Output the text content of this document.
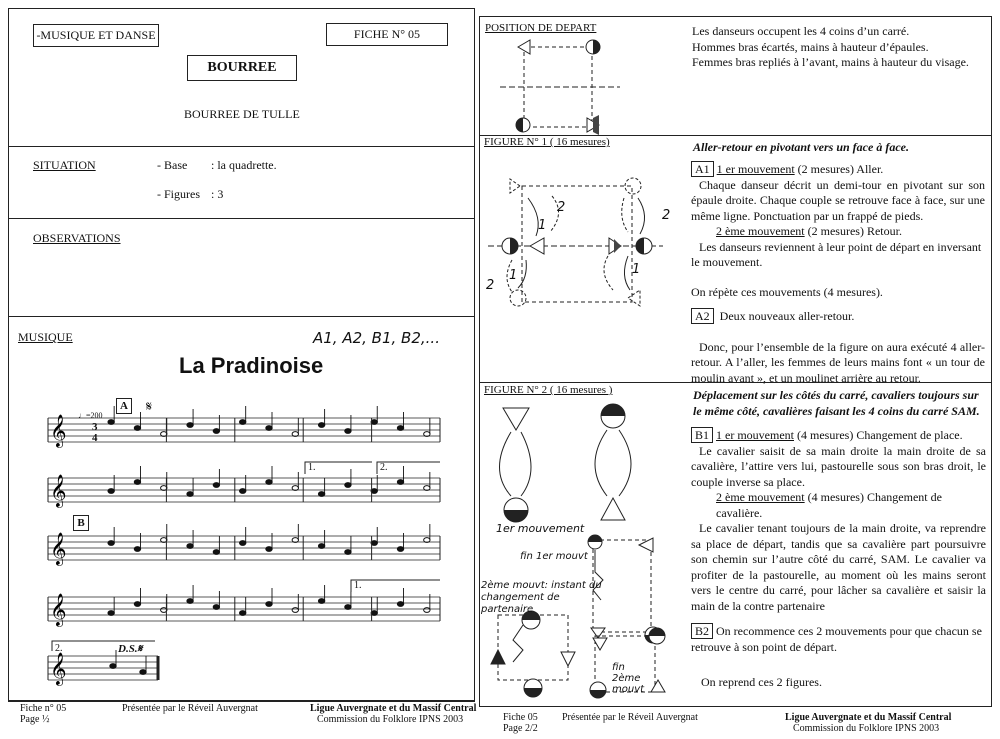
-MUSIQUE ET DANSE	FICHE N° 05
BOURREE
BOURREE DE TULLE
SITUATION	- Base : la quadrette.
- Figures : 3
OBSERVATIONS
MUSIQUE	A1, A2, B1, B2,...
La Pradinoise
♩=200
A 𝄋
B
3
4
1.	2.
1.
2.	D.S.𝄋
𝄞
𝄞
𝄞
𝄞
𝄞
Fiche n° 05
Page ½
Présentée par le Réveil Auvergnat	Ligue Auvergnate et du Massif Central
Commission du Folklore IPNS 2003
POSITION DE DEPART	Les danseurs occupent les 4 coins d’un carré.
Hommes bras écartés, mains à hauteur d’épaules.
Femmes bras repliés à l’avant, mains à hauteur du visage.
FIGURE N° 1 ( 16 mesures)	Aller-retour en pivotant vers un face à face.

A1 1 er mouvement (2 mesures) Aller.

Chaque danseur décrit un demi-tour en pivotant sur son épaule droite. Chaque couple se retrouve face à face, sur une même ligne. Ponctuation par un frappé de pieds.

2 ème mouvement (2 mesures) Retour.

Les danseurs reviennent à leur point de départ en inversant le mouvement.

On répète ces mouvements (4 mesures).

A2 Deux nouveaux aller-retour.

Donc, pour l’ensemble de la figure on aura exécuté 4 aller-retour. A l’aller, les femmes de leurs mains font « un tour de moulin avant », et un moulinet arrière au retour.

1
2
1
2
1
2
FIGURE N° 2 ( 16 mesures )	Déplacement sur les côtés du carré, cavaliers toujours sur le même côté, cavalières faisant les 4 coins du carré SAM.

B1 1 er mouvement (4 mesures) Changement de place.

Le cavalier saisit de sa main droite la main droite de sa cavalière, l’attire vers lui, pastourelle sous son bras droit, le couple inverse sa place.

2 ème mouvement (4 mesures) Changement de cavalière.

Le cavalier tenant toujours de la main droite, va reprendre sa place de départ, tandis que sa cavalière part poursuivre son chemin sur l’autre côté du carré, SAM. Le cavalier va profiter de la pastourelle, au moment où les mains seront vers le centre du carré, pour lâcher sa cavalière et saisir la main de la contre partenaire

B2 On recommence ces 2 mouvements pour que chacun se retrouve à son point de départ.

On reprend ces 2 figures.

1er mouvement
fin 1er mouvt
2ème mouvt: instant du changement de partenaire
fin 2ème mouvt
Fiche 05
Page 2/2
Présentée par le Réveil Auvergnat	Ligue Auvergnate et du Massif Central
Commission du Folklore IPNS 2003
